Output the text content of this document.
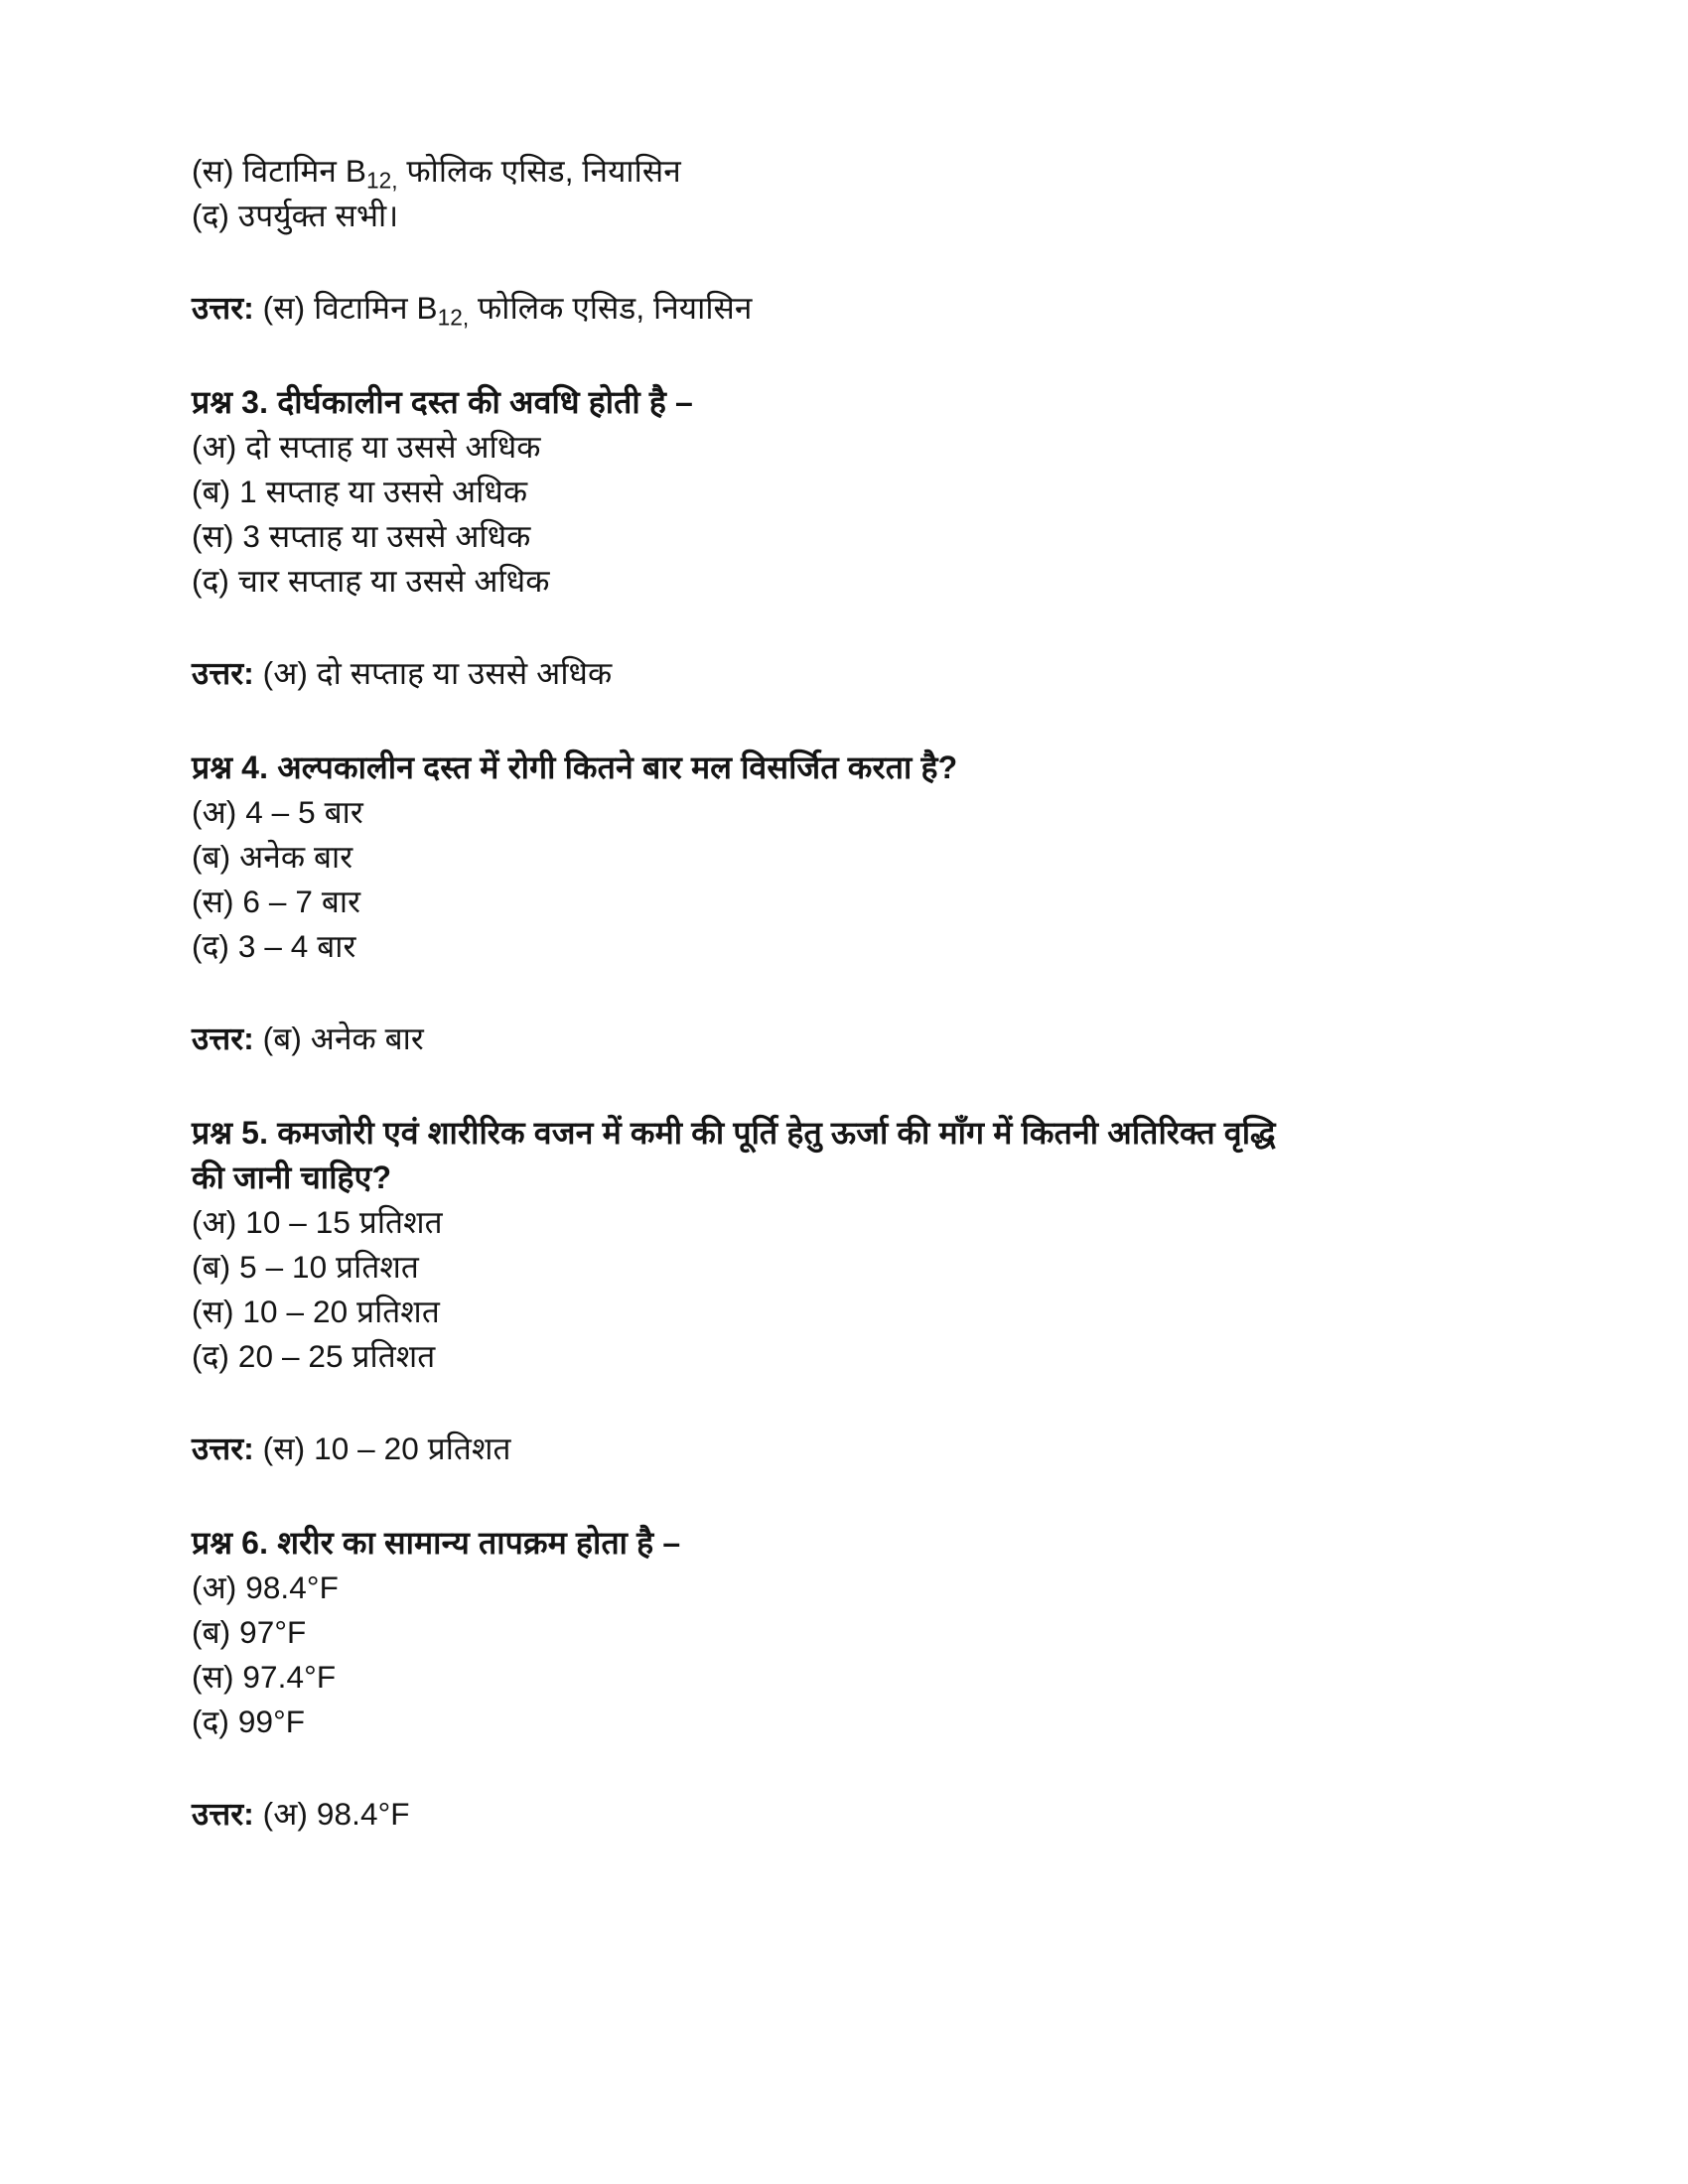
(स) विटामिन $B_{12,}$ फोलिक एसिड, नियासिन
(द) उपर्युक्त सभी।
उत्तर: (स) विटामिन $B_{12,}$ फोलिक एसिड, नियासिन
प्रश्न 3. दीर्घकालीन दस्त की अवधि होती है –
(अ) दो सप्ताह या उससे अधिक
(ब) 1 सप्ताह या उससे अधिक
(स) 3 सप्ताह या उससे अधिक
(द) चार सप्ताह या उससे अधिक
उत्तर: (अ) दो सप्ताह या उससे अधिक
प्रश्न 4. अल्पकालीन दस्त में रोगी कितने बार मल विसर्जित करता है?
(अ) 4 – 5 बार
(ब) अनेक बार
(स) 6 – 7 बार
(द) 3 – 4 बार
उत्तर: (ब) अनेक बार
प्रश्न 5. कमजोरी एवं शारीरिक वजन में कमी की पूर्ति हेतु ऊर्जा की माँग में कितनी अतिरिक्त वृद्धि
की जानी चाहिए?
(अ) 10 – 15 प्रतिशत
(ब) 5 – 10 प्रतिशत
(स) 10 – 20 प्रतिशत
(द) 20 – 25 प्रतिशत
उत्तर: (स) 10 – 20 प्रतिशत
प्रश्न 6. शरीर का सामान्य तापक्रम होता है –
(अ) 98.4°F
(ब) 97°F
(स) 97.4°F
(द) 99°F
उत्तर: (अ) 98.4°F
